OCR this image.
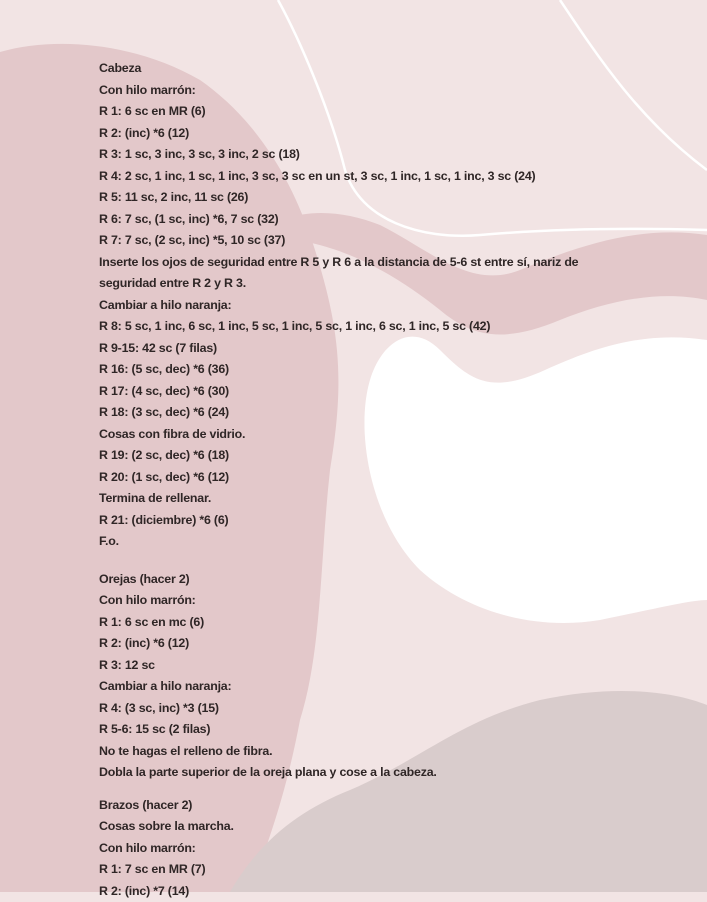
Cabeza
Con hilo marrón:
R 1: 6 sc en MR (6)
R 2: (inc) *6 (12)
R 3: 1 sc, 3 inc, 3 sc, 3 inc, 2 sc (18)
R 4: 2 sc, 1 inc, 1 sc, 1 inc, 3 sc, 3 sc en un st, 3 sc, 1 inc, 1 sc, 1 inc, 3 sc (24)
R 5: 11 sc, 2 inc, 11 sc (26)
R 6: 7 sc, (1 sc, inc) *6, 7 sc (32)
R 7: 7 sc, (2 sc, inc) *5, 10 sc (37)
Inserte los ojos de seguridad entre R 5 y R 6 a la distancia de 5-6 st entre sí, nariz de
seguridad entre R 2 y R 3.
Cambiar a hilo naranja:
R 8: 5 sc, 1 inc, 6 sc, 1 inc, 5 sc, 1 inc, 5 sc, 1 inc, 6 sc, 1 inc, 5 sc (42)
R 9-15: 42 sc (7 filas)
R 16: (5 sc, dec) *6 (36)
R 17: (4 sc, dec) *6 (30)
R 18: (3 sc, dec) *6 (24)
Cosas con fibra de vidrio.
R 19: (2 sc, dec) *6 (18)
R 20: (1 sc, dec) *6 (12)
Termina de rellenar.
R 21: (diciembre) *6 (6)
F.o.
Orejas (hacer 2)
Con hilo marrón:
R 1: 6 sc en mc (6)
R 2: (inc) *6 (12)
R 3: 12 sc
Cambiar a hilo naranja:
R 4: (3 sc, inc) *3 (15)
R 5-6: 15 sc (2 filas)
No te hagas el relleno de fibra.
Dobla la parte superior de la oreja plana y cose a la cabeza.
Brazos (hacer 2)
Cosas sobre la marcha.
Con hilo marrón:
R 1: 7 sc en MR (7)
R 2: (inc) *7 (14)
